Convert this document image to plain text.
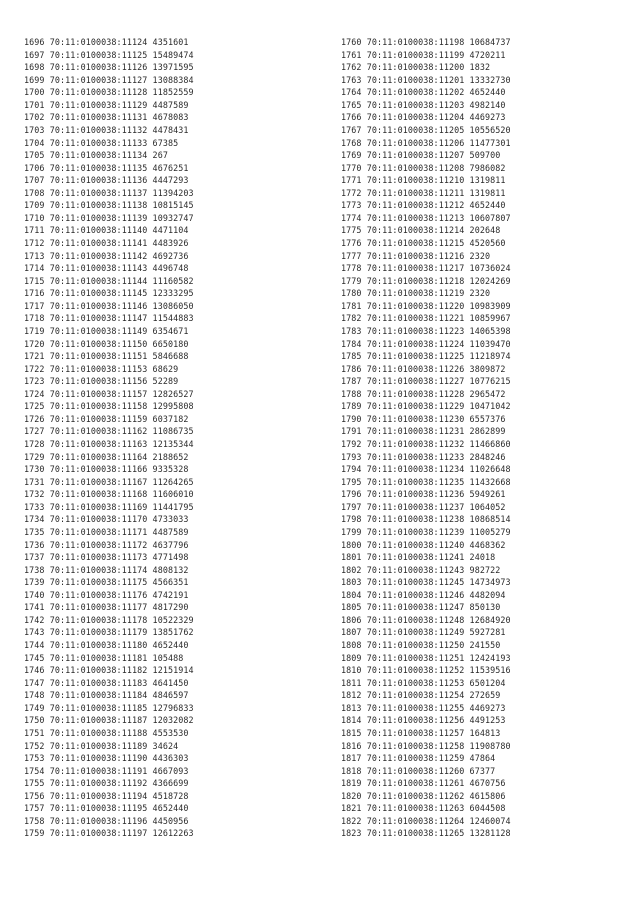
1696 70:11:0100038:11124 4351601
1697 70:11:0100038:11125 15489474
1698 70:11:0100038:11126 13971595
1699 70:11:0100038:11127 13088384
1700 70:11:0100038:11128 11852559
1701 70:11:0100038:11129 4487589
1702 70:11:0100038:11131 4678083
1703 70:11:0100038:11132 4478431
1704 70:11:0100038:11133 67385
1705 70:11:0100038:11134 267
1706 70:11:0100038:11135 4676251
1707 70:11:0100038:11136 4447293
1708 70:11:0100038:11137 11394203
1709 70:11:0100038:11138 10815145
1710 70:11:0100038:11139 10932747
1711 70:11:0100038:11140 4471104
1712 70:11:0100038:11141 4483926
1713 70:11:0100038:11142 4692736
1714 70:11:0100038:11143 4496748
1715 70:11:0100038:11144 11160582
1716 70:11:0100038:11145 12333295
1717 70:11:0100038:11146 13086050
1718 70:11:0100038:11147 11544883
1719 70:11:0100038:11149 6354671
1720 70:11:0100038:11150 6650180
1721 70:11:0100038:11151 5846688
1722 70:11:0100038:11153 68629
1723 70:11:0100038:11156 52289
1724 70:11:0100038:11157 12826527
1725 70:11:0100038:11158 12995808
1726 70:11:0100038:11159 6037182
1727 70:11:0100038:11162 11086735
1728 70:11:0100038:11163 12135344
1729 70:11:0100038:11164 2188652
1730 70:11:0100038:11166 9335328
1731 70:11:0100038:11167 11264265
1732 70:11:0100038:11168 11606010
1733 70:11:0100038:11169 11441795
1734 70:11:0100038:11170 4733033
1735 70:11:0100038:11171 4487589
1736 70:11:0100038:11172 4637796
1737 70:11:0100038:11173 4771498
1738 70:11:0100038:11174 4808132
1739 70:11:0100038:11175 4566351
1740 70:11:0100038:11176 4742191
1741 70:11:0100038:11177 4817290
1742 70:11:0100038:11178 10522329
1743 70:11:0100038:11179 13851762
1744 70:11:0100038:11180 4652440
1745 70:11:0100038:11181 105488
1746 70:11:0100038:11182 12151914
1747 70:11:0100038:11183 4641450
1748 70:11:0100038:11184 4846597
1749 70:11:0100038:11185 12796833
1750 70:11:0100038:11187 12032082
1751 70:11:0100038:11188 4553530
1752 70:11:0100038:11189 34624
1753 70:11:0100038:11190 4436303
1754 70:11:0100038:11191 4667093
1755 70:11:0100038:11192 4366699
1756 70:11:0100038:11194 4518728
1757 70:11:0100038:11195 4652440
1758 70:11:0100038:11196 4450956
1759 70:11:0100038:11197 12612263
1760 70:11:0100038:11198 10684737
1761 70:11:0100038:11199 4720211
1762 70:11:0100038:11200 1832
1763 70:11:0100038:11201 13332730
1764 70:11:0100038:11202 4652440
1765 70:11:0100038:11203 4982140
1766 70:11:0100038:11204 4469273
1767 70:11:0100038:11205 10556520
1768 70:11:0100038:11206 11477301
1769 70:11:0100038:11207 509700
1770 70:11:0100038:11208 7986082
1771 70:11:0100038:11210 1319811
1772 70:11:0100038:11211 1319811
1773 70:11:0100038:11212 4652440
1774 70:11:0100038:11213 10607807
1775 70:11:0100038:11214 202648
1776 70:11:0100038:11215 4520560
1777 70:11:0100038:11216 2320
1778 70:11:0100038:11217 10736024
1779 70:11:0100038:11218 12024269
1780 70:11:0100038:11219 2320
1781 70:11:0100038:11220 10983909
1782 70:11:0100038:11221 10859967
1783 70:11:0100038:11223 14065398
1784 70:11:0100038:11224 11039470
1785 70:11:0100038:11225 11218974
1786 70:11:0100038:11226 3809872
1787 70:11:0100038:11227 10776215
1788 70:11:0100038:11228 2965472
1789 70:11:0100038:11229 10471042
1790 70:11:0100038:11230 6557376
1791 70:11:0100038:11231 2862899
1792 70:11:0100038:11232 11466860
1793 70:11:0100038:11233 2848246
1794 70:11:0100038:11234 11026648
1795 70:11:0100038:11235 11432668
1796 70:11:0100038:11236 5949261
1797 70:11:0100038:11237 1064052
1798 70:11:0100038:11238 10868514
1799 70:11:0100038:11239 11005279
1800 70:11:0100038:11240 4468362
1801 70:11:0100038:11241 24018
1802 70:11:0100038:11243 982722
1803 70:11:0100038:11245 14734973
1804 70:11:0100038:11246 4482094
1805 70:11:0100038:11247 850130
1806 70:11:0100038:11248 12684920
1807 70:11:0100038:11249 5927281
1808 70:11:0100038:11250 241550
1809 70:11:0100038:11251 12424193
1810 70:11:0100038:11252 11539516
1811 70:11:0100038:11253 6501204
1812 70:11:0100038:11254 272659
1813 70:11:0100038:11255 4469273
1814 70:11:0100038:11256 4491253
1815 70:11:0100038:11257 164813
1816 70:11:0100038:11258 11908780
1817 70:11:0100038:11259 47864
1818 70:11:0100038:11260 67377
1819 70:11:0100038:11261 4670756
1820 70:11:0100038:11262 4615806
1821 70:11:0100038:11263 6044508
1822 70:11:0100038:11264 12460074
1823 70:11:0100038:11265 13281128
